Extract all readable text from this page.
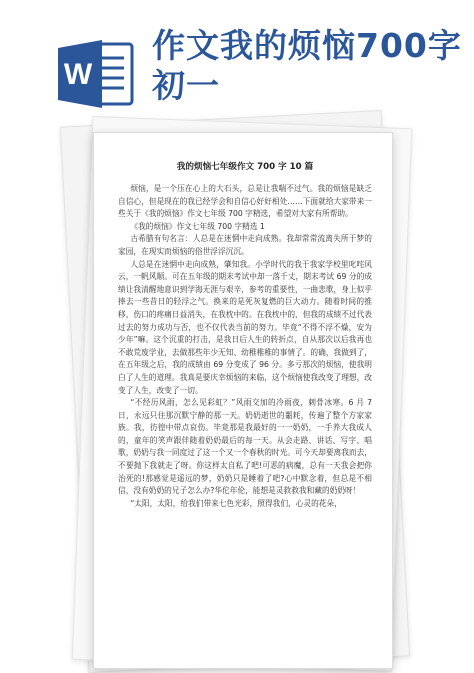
W
作文我的烦恼700字初一
我的烦恼七年级作文 700 字 10 篇

烦恼，是一个压在心上的大石头，总是让我喘不过气。我的烦恼是缺乏自信心，但是现在的我已经学会和自信心好好相处……下面就给大家带来一些关于《我的烦恼》作文七年级 700 字精选，希望对大家有所帮助。

《我的烦恼》作文七年级 700 字精选 1

古希腊有句名言：人总是在迷惘中走向成熟。我却常常流离失所于梦的家园，在现实而烦恼的俗世浮浮沉沉。

人总是在迷惘中走向成熟，肇知我。小学时代的我于我家学校里叱咤风云，一帆风顺。可在五年级的期末考试中却一落千丈，期末考试 69 分的成绩让我清醒地意识到学海无涯与艰辛，参考的重要性，一曲悲歌，身上似乎捧去一些昔日的轻浮之气。换来的是死灰复燃的巨大动力。随着时间的推移，伤口的疼痛日益消失，在我枕中的。在我枕中的，但我的成绩不过代表过去的努力成功与否，也不仅代表当前的努力。毕竟“不得不浮不燥，安为少年”嘛。这个沉重的打击，是我日后人生的转折点，自从那次以后我再也不敢荒废学业，去做那些年少无知、幼稚稚稚的事情了。的确，我做到了，在五年级之后，我的成绩由 69 分变成了 96 分。多亏那次的烦恼，使我明白了人生的道理。我真是要庆幸烦恼的来临，这个烦恼使我改变了理想，改变了人生，改变了一切。

“不经历风雨，怎么见彩虹？”风雨交加的冷雨夜，刺骨冰寒。6 月 7 日，永远只住那沉默宁静的那一天。奶奶逝世的噩耗，传遍了整个方家家族。我，彷徨中带点哀伤。毕竟那是我最好的一一奶奶，一手养大我成人的，童年的笑声跟伴随着奶奶最后的每一天。从会走路、讲话、写字、唱歌，奶奶与我一同度过了这一个又一个春秋的时光。可今天却要离我而去，不要抛下我就走了呀。你这样太自私了吧!可恶的病魔，总有一天我会把你治死的!那感觉是遥远的梦，奶奶只是睡着了吧?心中默念着，但总是不相信，没有奶奶的兄子怎么办?华佗年伦，能想是灵救救我和藏的奶奶呀！

“太阳，太阳，给我们带来七色光彩，照得我们，心灵的花朵，
